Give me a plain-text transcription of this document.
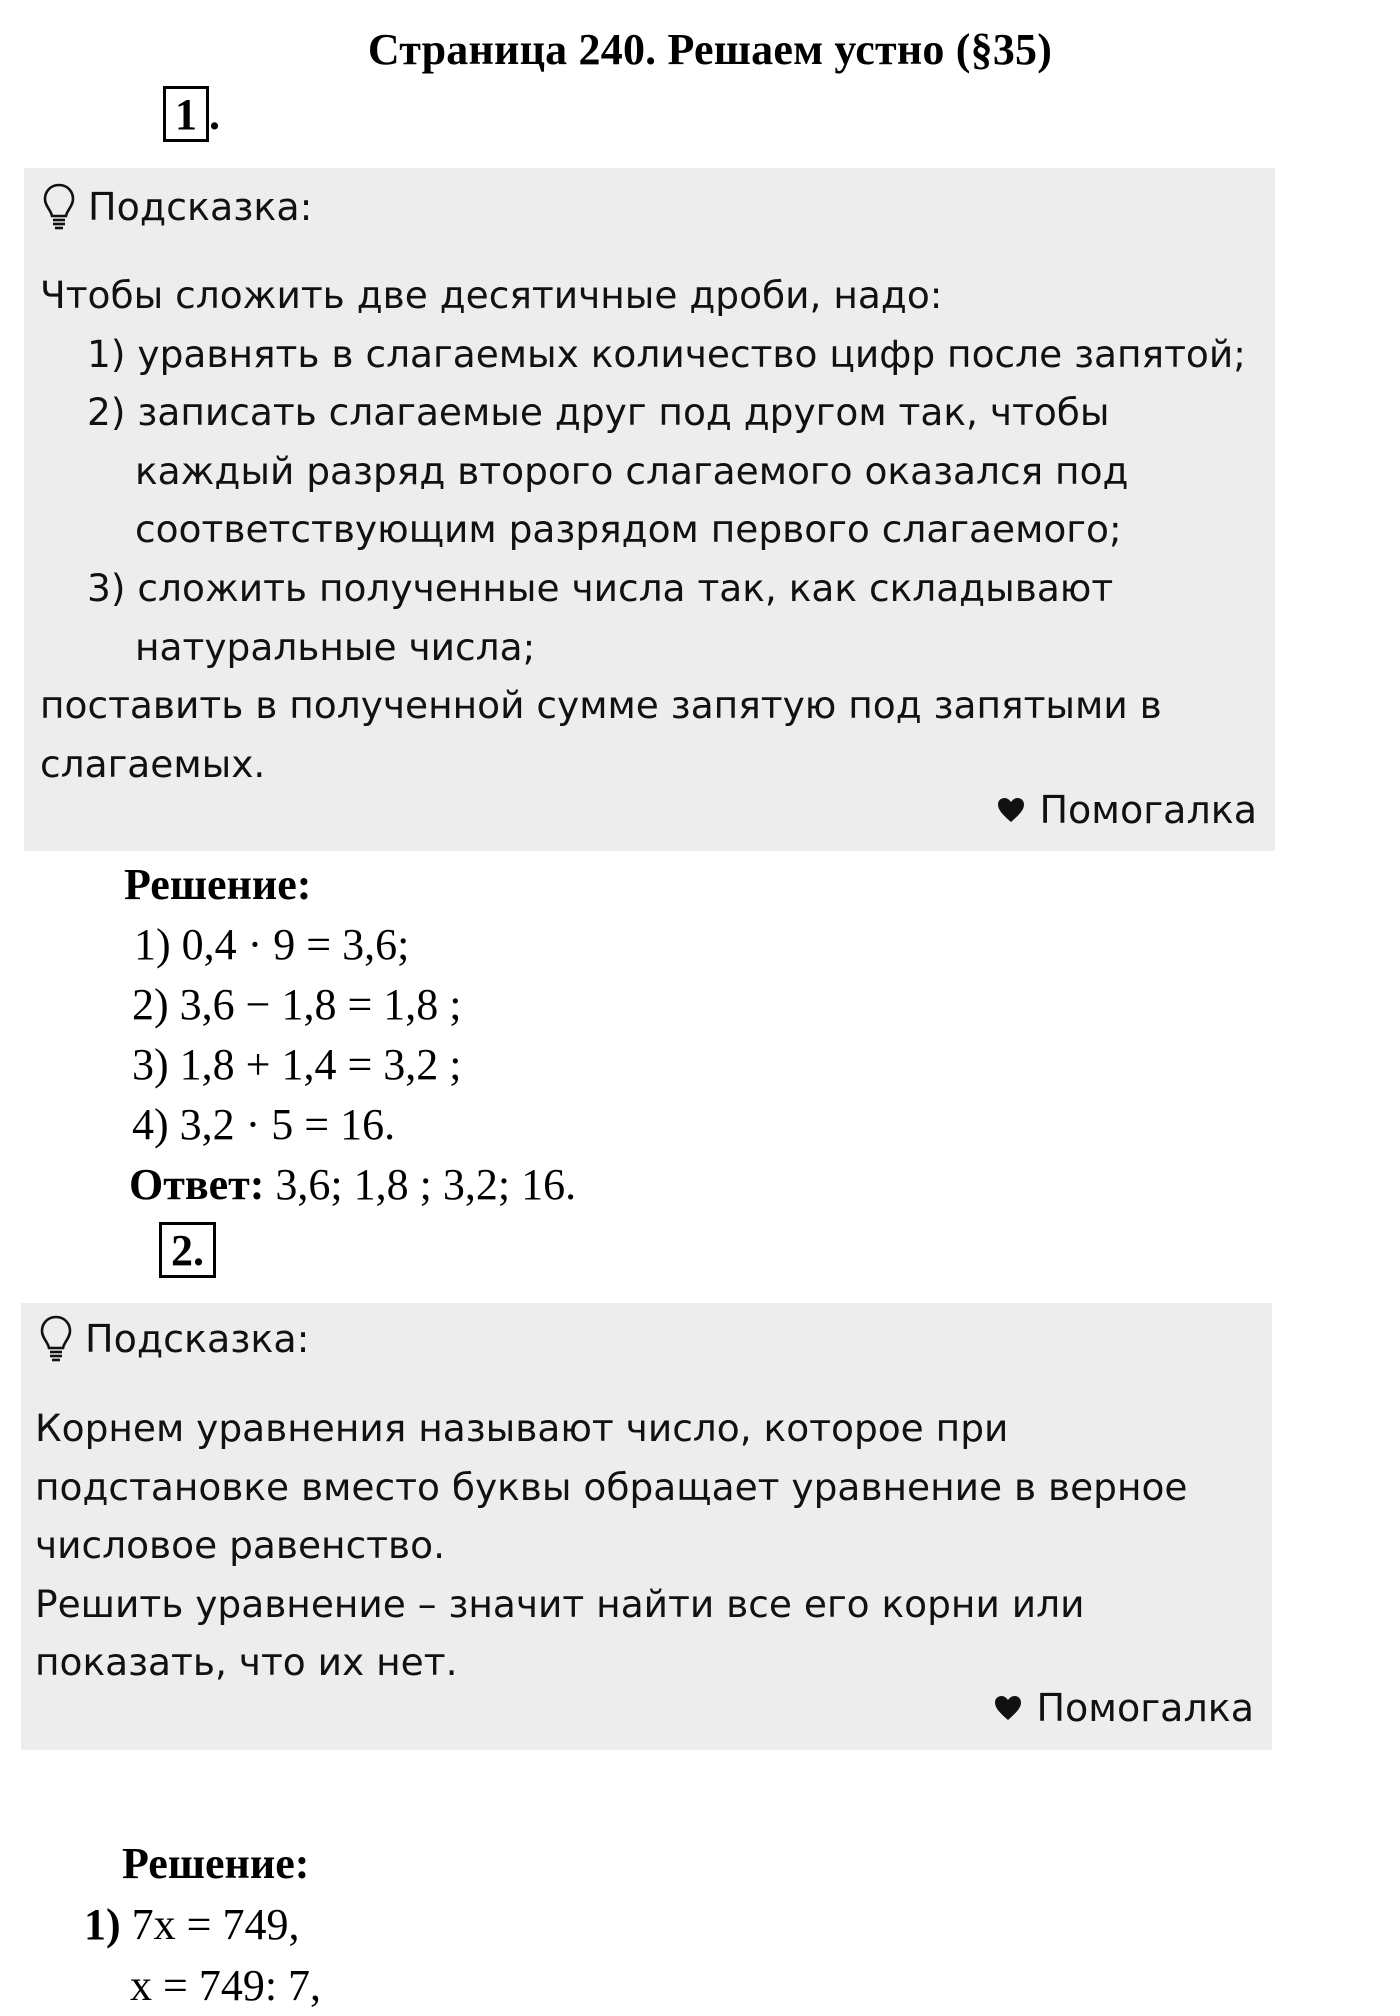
Страница 240. Решаем устно (§35)
1 .
Подсказка:
Чтобы сложить две десятичные дроби, надо:
1) уравнять в слагаемых количество цифр после запятой;
2) записать слагаемые друг под другом так, чтобы
каждый разряд второго слагаемого оказался под
соответствующим разрядом первого слагаемого;
3) сложить полученные числа так, как складывают
натуральные числа;
поставить в полученной сумме запятую под запятыми в
слагаемых.
Помогалка
Решение:
1) 0,4 · 9 = 3,6;
2) 3,6 − 1,8 = 1,8 ;
3) 1,8 + 1,4 = 3,2 ;
4) 3,2 · 5 = 16.
Ответ: 3,6; 1,8 ; 3,2; 16.
2.
Подсказка:
Корнем уравнения называют число, которое при
подстановке вместо буквы обращает уравнение в верное
числовое равенство.
Решить уравнение – значит найти все его корни или
показать, что их нет.
Помогалка
Решение:
1) 7x = 749,
x = 749: 7,
